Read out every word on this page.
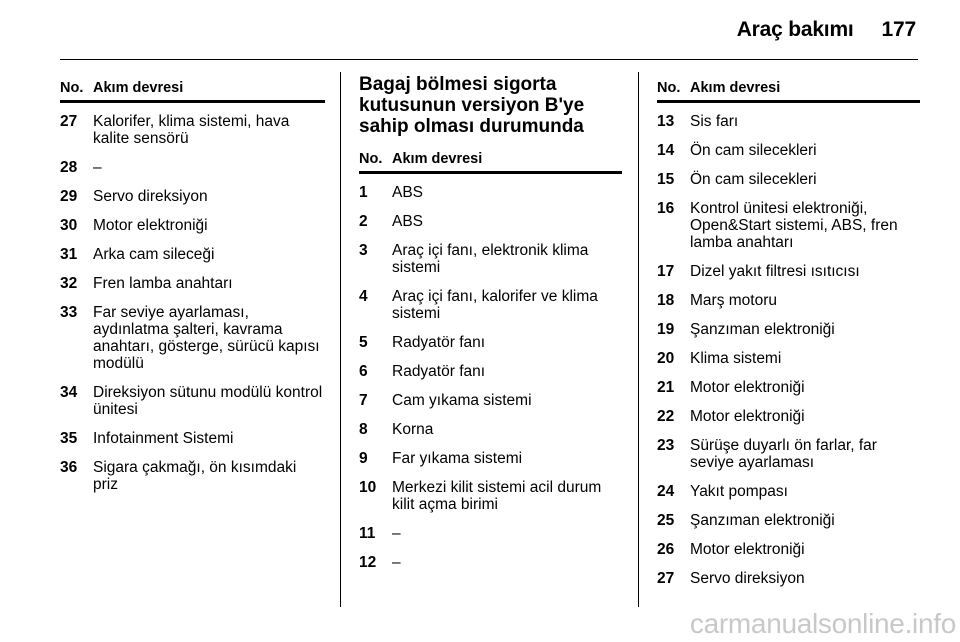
Araç bakımı 177
No. Akım devresi
27	Kalorifer, klima sistemi, hava kalite sensörü
28	–
29	Servo direksiyon
30	Motor elektroniği
31	Arka cam sileceği
32	Fren lamba anahtarı
33	Far seviye ayarlaması, aydınlatma şalteri, kavrama anahtarı, gösterge, sürücü kapısı modülü
34	Direksiyon sütunu modülü kontrol ünitesi
35	Infotainment Sistemi
36	Sigara çakmağı, ön kısımdaki priz
Bagaj bölmesi sigorta kutusunun versiyon B'ye sahip olması durumunda
No. Akım devresi
1	ABS
2	ABS
3	Araç içi fanı, elektronik klima sistemi
4	Araç içi fanı, kalorifer ve klima sistemi
5	Radyatör fanı
6	Radyatör fanı
7	Cam yıkama sistemi
8	Korna
9	Far yıkama sistemi
10	Merkezi kilit sistemi acil durum kilit açma birimi
11	–
12	–
No. Akım devresi
13	Sis farı
14	Ön cam silecekleri
15	Ön cam silecekleri
16	Kontrol ünitesi elektroniği, Open&Start sistemi, ABS, fren lamba anahtarı
17	Dizel yakıt filtresi ısıtıcısı
18	Marş motoru
19	Şanzıman elektroniği
20	Klima sistemi
21	Motor elektroniği
22	Motor elektroniği
23	Sürüşe duyarlı ön farlar, far seviye ayarlaması
24	Yakıt pompası
25	Şanzıman elektroniği
26	Motor elektroniği
27	Servo direksiyon
carmanualsonline.info
